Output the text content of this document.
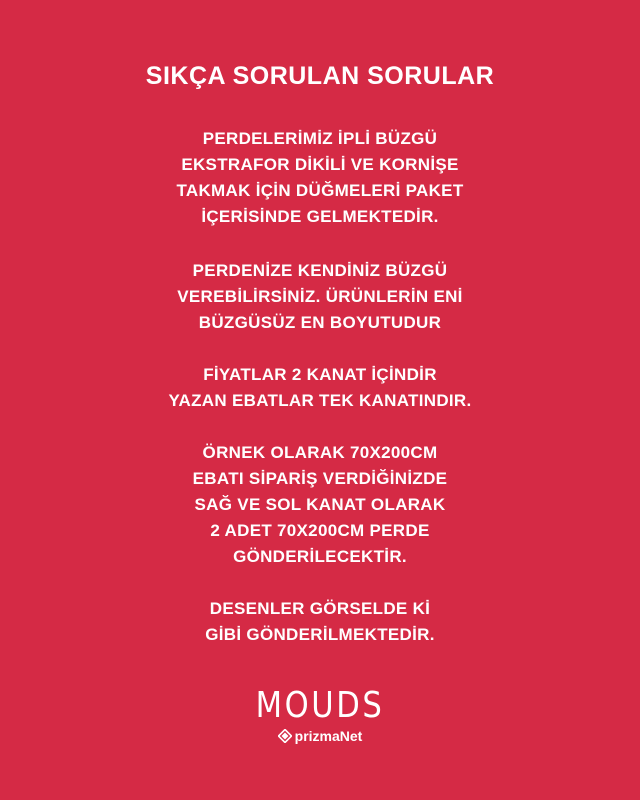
SIKÇA SORULAN SORULAR
PERDELERİMİZ İPLİ BÜZGÜ
EKSTRAFOR DİKİLİ VE KORNİŞE
TAKMAK İÇİN DÜĞMELERİ PAKET
İÇERİSİNDE GELMEKTEDİR.
PERDENİZE KENDİNİZ BÜZGÜ
VEREBİLİRSİNİZ. ÜRÜNLERİN ENİ
BÜZGÜSÜZ EN BOYUTUDUR
FİYATLAR 2 KANAT İÇİNDİR
YAZAN EBATLAR TEK KANATINDIR.
ÖRNEK OLARAK 70X200CM
EBATI SİPARİŞ VERDİĞİNİZDE
SAĞ VE SOL KANAT OLARAK
2 ADET 70X200CM PERDE
GÖNDERİLECEKTİR.
DESENLER GÖRSELDE Kİ
GİBİ GÖNDERİLMEKTEDİR.
MOUDS
prizmaNet
